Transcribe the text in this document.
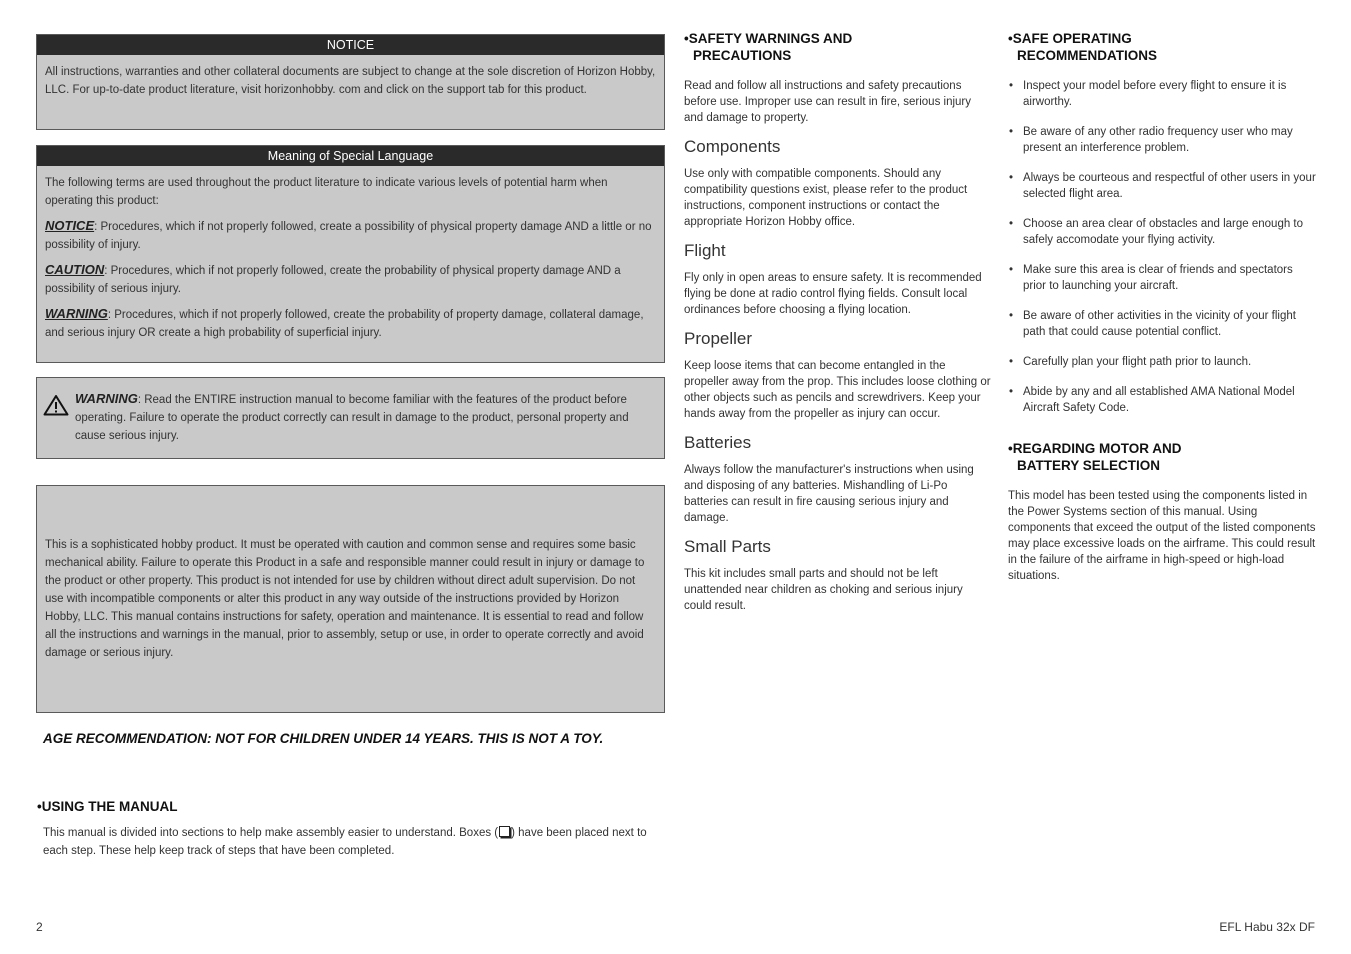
NOTICE

All instructions, warranties and other collateral documents are subject to change at the sole discretion of Horizon Hobby, LLC. For up-to-date product literature, visit horizonhobby. com and click on the support tab for this product.

Meaning of Special Language

The following terms are used throughout the product literature to indicate various levels of potential harm when operating this product:

NOTICE: Procedures, which if not properly followed, create a possibility of physical property damage AND a little or no possibility of injury.

CAUTION: Procedures, which if not properly followed, create the probability of physical property damage AND a possibility of serious injury.

WARNING: Procedures, which if not properly followed, create the probability of property damage, collateral damage, and serious injury OR create a high probability of superficial injury.

WARNING: Read the ENTIRE instruction manual to become familiar with the features of the product before operating. Failure to operate the product correctly can result in damage to the product, personal property and cause serious injury.

This is a sophisticated hobby product. It must be operated with caution and common sense and requires some basic mechanical ability. Failure to operate this Product in a safe and responsible manner could result in injury or damage to the product or other property. This product is not intended for use by children without direct adult supervision. Do not use with incompatible components or alter this product in any way outside of the instructions provided by Horizon Hobby, LLC. This manual contains instructions for safety, operation and maintenance. It is essential to read and follow all the instructions and warnings in the manual, prior to assembly, setup or use, in order to operate correctly and avoid damage or serious injury.

AGE RECOMMENDATION: NOT FOR CHILDREN UNDER 14 YEARS. THIS IS NOT A TOY.
•USING THE MANUAL
This manual is divided into sections to help make assembly easier to understand. Boxes ( ) have been placed next to each step. These help keep track of steps that have been completed.
•SAFETY WARNINGS AND
PRECAUTIONS
Read and follow all instructions and safety precautions before use. Improper use can result in fire, serious injury and damage to property.
Components
Use only with compatible components. Should any compatibility questions exist, please refer to the product instructions, component instructions or contact the appropriate Horizon Hobby office.
Flight
Fly only in open areas to ensure safety. It is recommended flying be done at radio control flying fields. Consult local ordinances before choosing a flying location.
Propeller
Keep loose items that can become entangled in the propeller away from the prop. This includes loose clothing or other objects such as pencils and screwdrivers. Keep your hands away from the propeller as injury can occur.
Batteries
Always follow the manufacturer's instructions when using and disposing of any batteries. Mishandling of Li-Po batteries can result in fire causing serious injury and damage.
Small Parts
This kit includes small parts and should not be left unattended near children as choking and serious injury could result.
•SAFE OPERATING
RECOMMENDATIONS
• Inspect your model before every flight to ensure it is airworthy.
• Be aware of any other radio frequency user who may present an interference problem.
• Always be courteous and respectful of other users in your selected flight area.
• Choose an area clear of obstacles and large enough to safely accomodate your flying activity.
• Make sure this area is clear of friends and spectators prior to launching your aircraft.
• Be aware of other activities in the vicinity of your flight path that could cause potential conflict.
• Carefully plan your flight path prior to launch.
• Abide by any and all established AMA National Model Aircraft Safety Code.
•REGARDING MOTOR AND
BATTERY SELECTION
This model has been tested using the components listed in the Power Systems section of this manual. Using components that exceed the output of the listed components may place excessive loads on the airframe. This could result in the failure of the airframe in high-speed or high-load situations.
2	EFL Habu 32x DF
